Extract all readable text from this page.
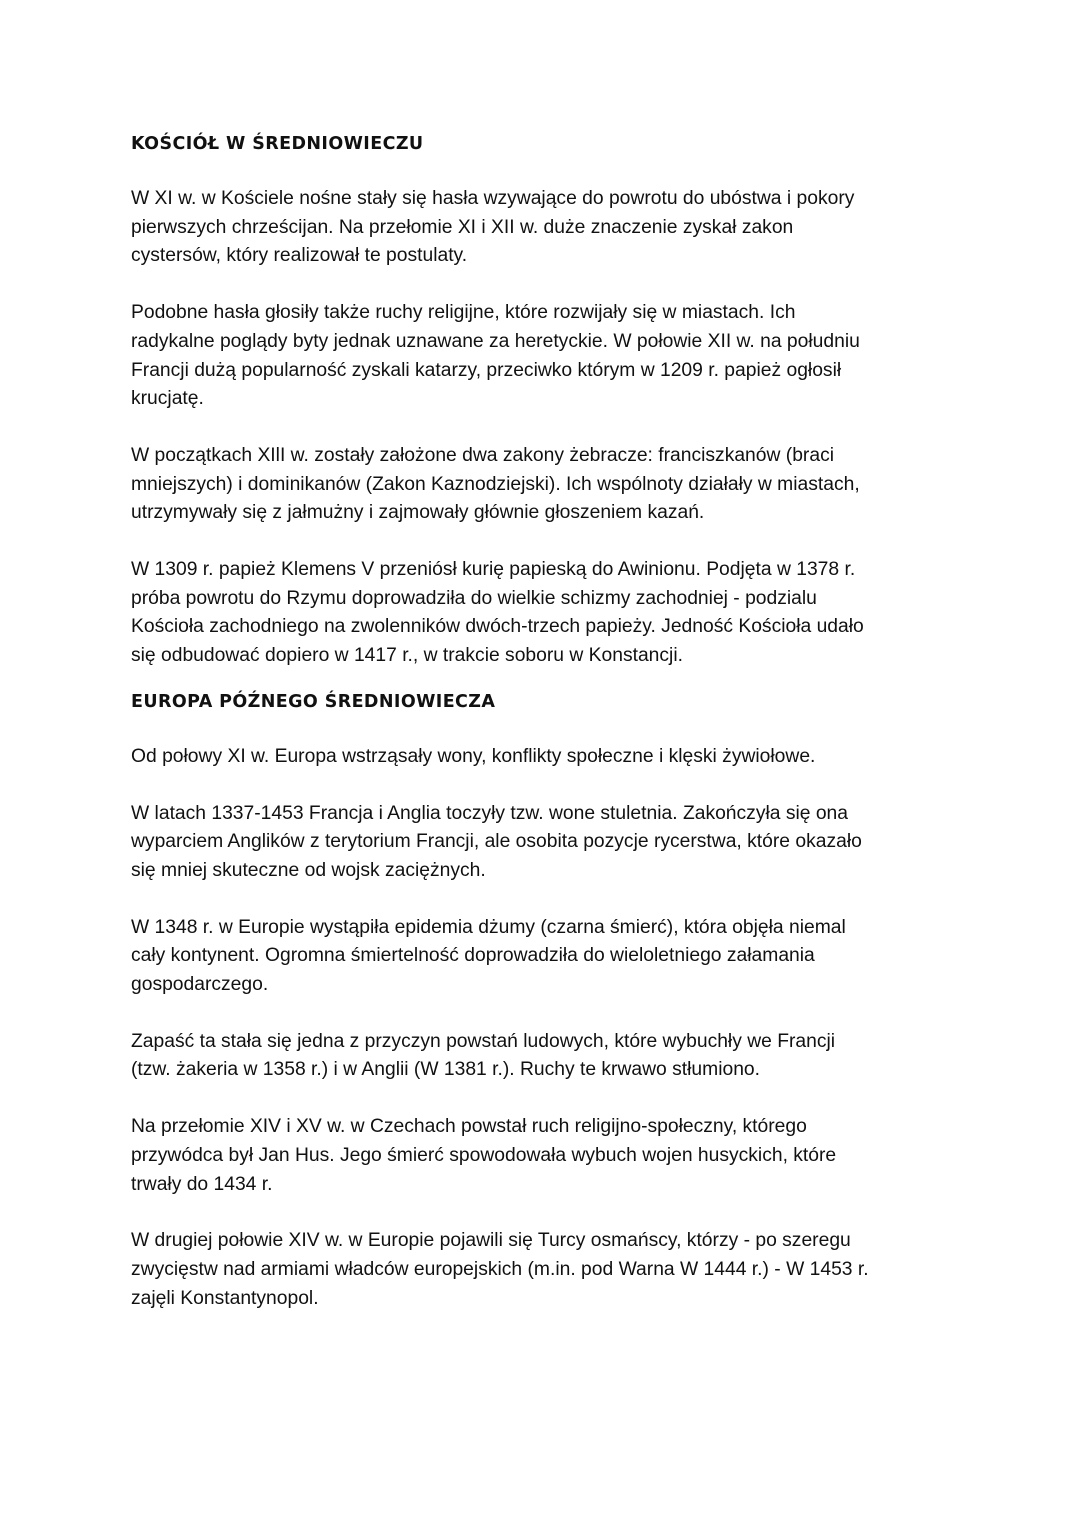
KOŚCIÓŁ W ŚREDNIOWIECZU

W XI w. w Kościele nośne stały się hasła wzywające do powrotu do ubóstwa i pokory
pierwszych chrześcijan. Na przełomie XI i XII w. duże znaczenie zyskał zakon
cystersów, który realizował te postulaty.

Podobne hasła głosiły także ruchy religijne, które rozwijały się w miastach. Ich
radykalne poglądy byty jednak uznawane za heretyckie. W połowie XII w. na południu
Francji dużą popularność zyskali katarzy, przeciwko którym w 1209 r. papież ogłosił
krucjatę.

W początkach XIlI w. zostały założone dwa zakony żebracze: franciszkanów (braci
mniejszych) i dominikanów (Zakon Kaznodziejski). Ich wspólnoty działały w miastach,
utrzymywały się z jałmużny i zajmowały głównie głoszeniem kazań.

W 1309 r. papież Klemens V przeniósł kurię papieską do Awinionu. Podjęta w 1378 r.
próba powrotu do Rzymu doprowadziła do wielkie schizmy zachodniej - podzialu
Kościoła zachodniego na zwolenników dwóch-trzech papieży. Jedność Kościoła udało
się odbudować dopiero w 1417 r., w trakcie soboru w Konstancji.

EUROPA PÓŹNEGO ŚREDNIOWIECZA

Od połowy XI w. Europa wstrząsały wony, konflikty społeczne i klęski żywiołowe.

W latach 1337-1453 Francja i Anglia toczyły tzw. wone stuletnia. Zakończyła się ona
wyparciem Anglików z terytorium Francji, ale osobita pozycje rycerstwa, które okazało
się mniej skuteczne od wojsk zaciężnych.

W 1348 r. w Europie wystąpiła epidemia dżumy (czarna śmierć), która objęła niemal
cały kontynent. Ogromna śmiertelność doprowadziła do wieloletniego załamania
gospodarczego.

Zapaść ta stała się jedna z przyczyn powstań ludowych, które wybuchły we Francji
(tzw. żakeria w 1358 r.) i w Anglii (W 1381 r.). Ruchy te krwawo stłumiono.

Na przełomie XIV i XV w. w Czechach powstał ruch religijno-społeczny, którego
przywódca był Jan Hus. Jego śmierć spowodowała wybuch wojen husyckich, które
trwały do 1434 r.

W drugiej połowie XIV w. w Europie pojawili się Turcy osmańscy, którzy - po szeregu
zwycięstw nad armiami władców europejskich (m.in. pod Warna W 1444 r.) - W 1453 r.
zajęli Konstantynopol.
